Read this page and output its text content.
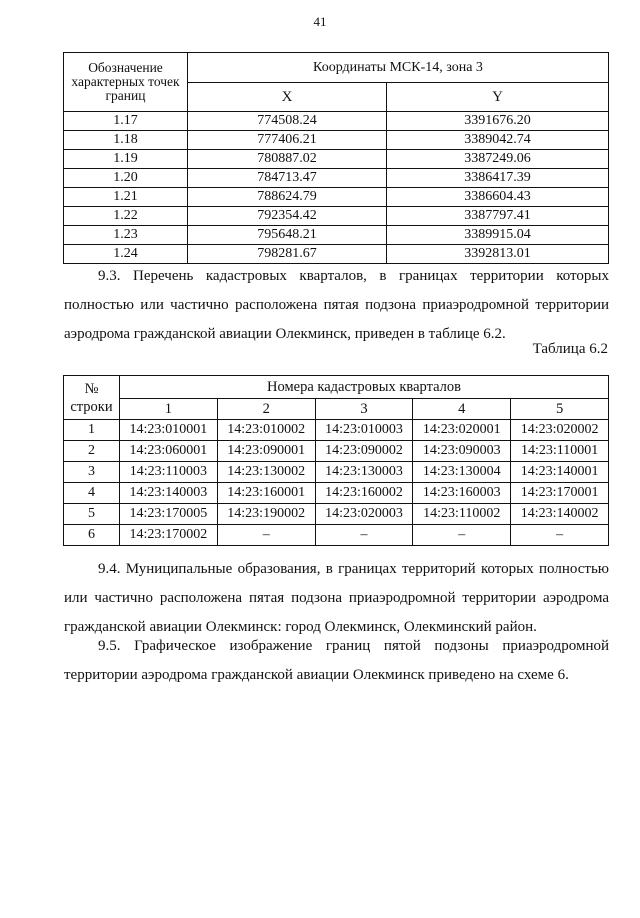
41
Обозначение характерных точек границ	Координаты МСК-14, зона 3	
	X	Y
1.17	774508.24	3391676.20
1.18	777406.21	3389042.74
1.19	780887.02	3387249.06
1.20	784713.47	3386417.39
1.21	788624.79	3386604.43
1.22	792354.42	3387797.41
1.23	795648.21	3389915.04
1.24	798281.67	3392813.01

9.3. Перечень кадастровых кварталов, в границах территории которых полностью или частично расположена пятая подзона приаэродромной территории аэродрома гражданской авиации Олекминск, приведен в таблице 6.2.

Таблица 6.2
№ строки	Номера кадастровых кварталов				
	1	2	3	4	5
1	14:23:010001	14:23:010002	14:23:010003	14:23:020001	14:23:020002
2	14:23:060001	14:23:090001	14:23:090002	14:23:090003	14:23:110001
3	14:23:110003	14:23:130002	14:23:130003	14:23:130004	14:23:140001
4	14:23:140003	14:23:160001	14:23:160002	14:23:160003	14:23:170001
5	14:23:170005	14:23:190002	14:23:020003	14:23:110002	14:23:140002
6	14:23:170002	–	–	–	–

9.4. Муниципальные образования, в границах территорий которых полностью или частично расположена пятая подзона приаэродромной территории аэродрома гражданской авиации Олекминск: город Олекминск, Олекминский район.

9.5. Графическое изображение границ пятой подзоны приаэродромной территории аэродрома гражданской авиации Олекминск приведено на схеме 6.
